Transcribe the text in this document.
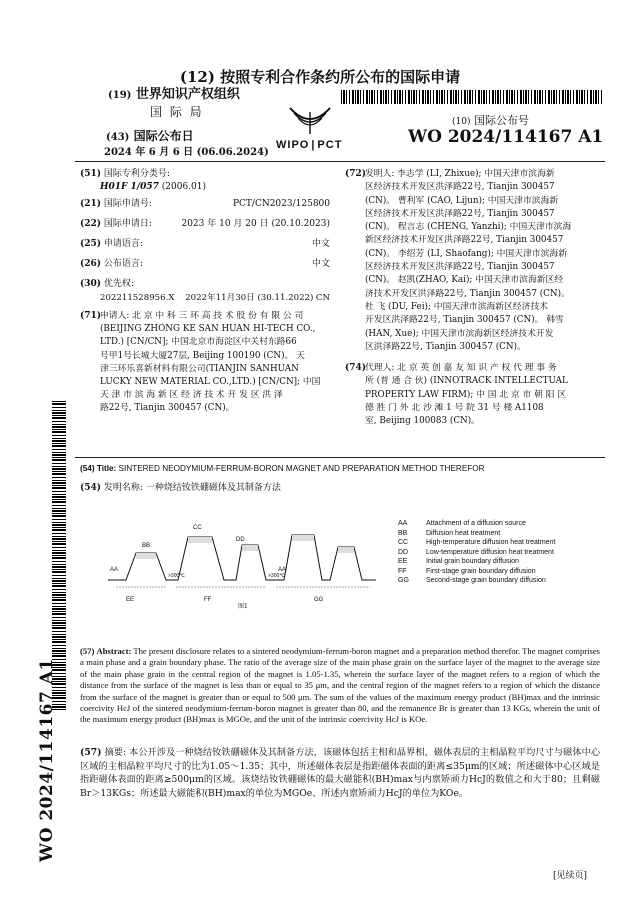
(12) 按照专利合作条约所公布的国际申请
(19) 世界知识产权组织
国 际 局
(43) 国际公布日
2024 年 6 月 6 日 (06.06.2024)
WIPO | PCT
(10) 国际公布号
WO 2024/114167 A1
WO 2024/114167 A1
(51) 国际专利分类号:
H01F 1/057 (2006.01)
(21) 国际申请号:	PCT/CN2023/125800
(22) 国际申请日:	2023 年 10 月 20 日 (20.10.2023)
(25) 申请语言:	中文
(26) 公布语言:	中文
(30) 优先权:
202211528956.X 2022年11月30日 (30.11.2022) CN
(71)
申请人: 北 京 中 科 三 环 高 技 术 股 份 有 限 公 司
(BEIJING ZHONG KE SAN HUAN HI-TECH CO.,
LTD.) [CN/CN]; 中国北京市海淀区中关村东路66
号甲1号长城大厦27层, Beijing 100190 (CN)。 天
津三环乐喜新材料有限公司(TIANJIN SANHUAN
LUCKY NEW MATERIAL CO.,LTD.) [CN/CN]; 中国
天 津 市 滨 海 新 区 经 济 技 术 开 发 区 洪 泽
路22号, Tianjin 300457 (CN)。
(72)
发明人: 李志学 (LI, Zhixue); 中国天津市滨海新
区经济技术开发区洪泽路22号, Tianjin 300457
(CN)。 曹利军 (CAO, Lijun); 中国天津市滨海新
区经济技术开发区洪泽路22号, Tianjin 300457
(CN)。 程言志 (CHENG, Yanzhi); 中国天津市滨海
新区经济技术开发区洪泽路22号, Tianjin 300457
(CN)。 李绍芳 (LI, Shaofang); 中国天津市滨海新
区经济技术开发区洪泽路22号, Tianjin 300457
(CN)。 赵凯(ZHAO, Kai); 中国天津市滨海新区经
济技术开发区洪泽路22号, Tianjin 300457 (CN)。
杜 飞 (DU, Fei); 中国天津市滨海新区经济技术
开发区洪泽路22号, Tianjin 300457 (CN)。 韩雪
(HAN, Xue); 中国天津市滨海新区经济技术开发
区洪泽路22号, Tianjin 300457 (CN)。
(74)
代理人: 北 京 英 创 嘉 友 知 识 产 权 代 理 事 务
所 (普 通 合 伙) (INNOTRACK INTELLECTUAL
PROPERTY LAW FIRM); 中 国 北 京 市 朝 阳 区
德 胜 门 外 北 沙 滩 1 号 院 31 号 楼 A1108
室, Beijing 100083 (CN)。
(54) Title: SINTERED NEODYMIUM-FERRUM-BORON MAGNET AND PREPARATION METHOD THEREFOR
(54) 发明名称: 一种烧结钕铁硼磁体及其制备方法
AA
BB
CC
DD
EE	FF	GG
AA
>300℃	>300℃
图1
AA	Attachment of a diffusion source
BB	Diffusion heat treatment
CC	High-temperature diffusion heat treatment
DD	Low-temperature diffusion heat treatment
EE	Initial grain boundary diffusion
FF	First-stage grain boundary diffusion
GG Second-stage grain boundary diffusion
(57) Abstract: The present disclosure relates to a sintered neodymium-ferrum-boron magnet and a preparation method therefor. The magnet comprises a main phase and a grain boundary phase. The ratio of the average size of the main phase grain on the surface layer of the magnet to the average size of the main phase grain in the central region of the magnet is 1.05-1.35, wherein the surface layer of the magnet refers to a region of which the distance from the surface of the magnet is less than or equal to 35 μm, and the central region of the magnet refers to a region of which the distance from the surface of the magnet is greater than or equal to 500 μm. The sum of the values of the maximum energy product (BH)max and the intrinsic coercivity HcJ of the sintered neodymium-ferrum-boron magnet is greater than 80, and the remanence Br is greater than 13 KGs, wherein the unit of the maximum energy product (BH)max is MGOe, and the unit of the intrinsic coercivity HcJ is KOe.
(57) 摘要: 本公开涉及一种烧结钕铁硼磁体及其制备方法，该磁体包括主相和晶界相，磁体表层的主相晶粒平均尺寸与磁体中心区域的主相晶粒平均尺寸的比为1.05～1.35；其中，所述磁体表层是指距磁体表面的距离≤35μm的区域；所述磁体中心区域是指距磁体表面的距离≥500μm的区域。该烧结钕铁硼磁体的最大磁能积(BH)max与内禀矫顽力HcJ的数值之和大于80；且剩磁Br＞13KGs；所述最大磁能积(BH)max的单位为MGOe、所述内禀矫顽力HcJ的单位为KOe。
[见续页]
